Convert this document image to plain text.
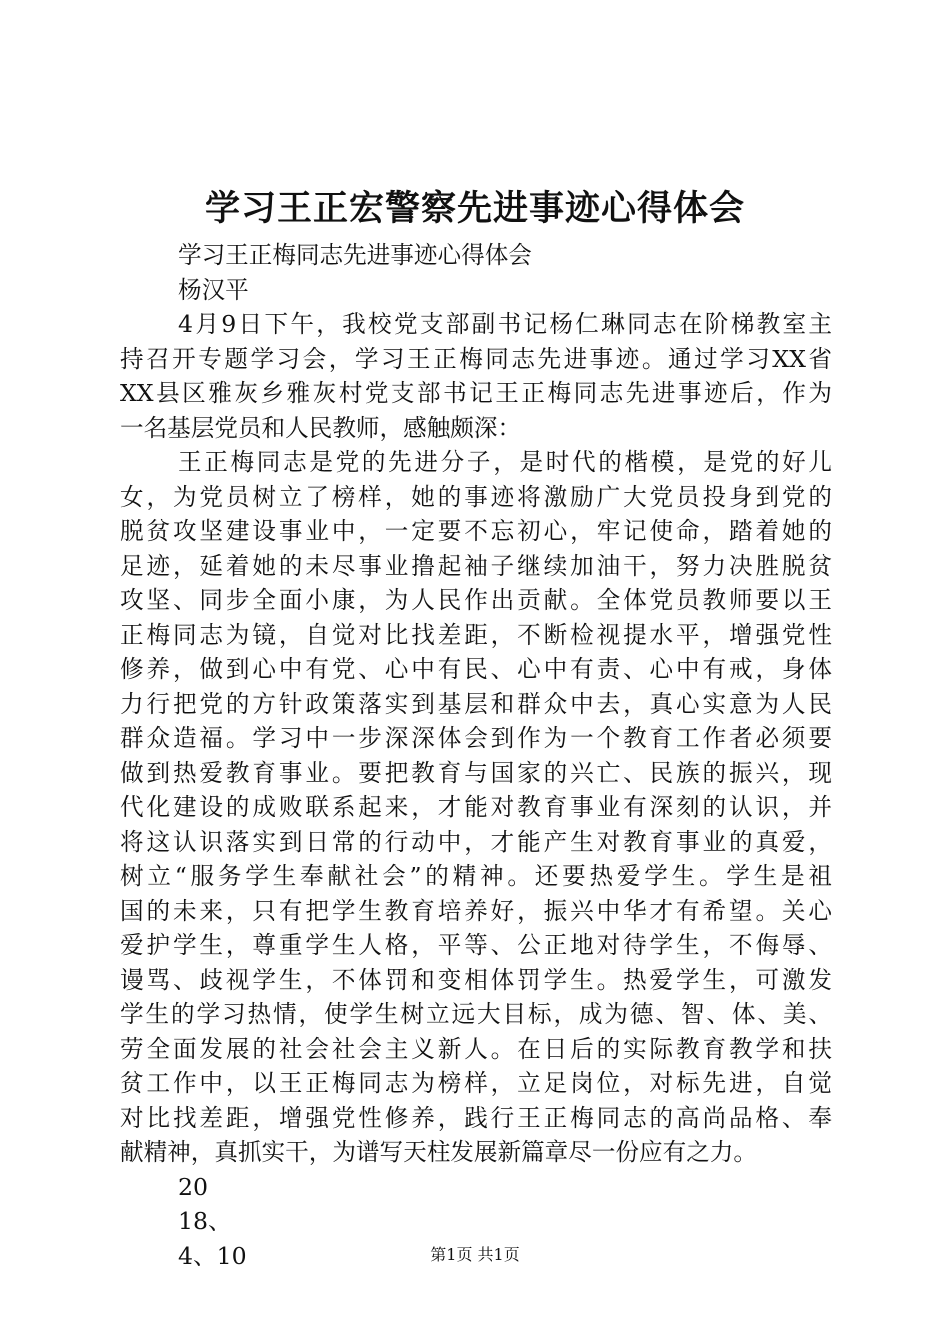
学习王正宏警察先进事迹心得体会
学习王正梅同志先进事迹心得体会
杨汉平
4月9日下午，我校党支部副书记杨仁琳同志在阶梯教室主
持召开专题学习会，学习王正梅同志先进事迹。通过学习XX省
XX县区雅灰乡雅灰村党支部书记王正梅同志先进事迹后，作为
一名基层党员和人民教师，感触颇深：
王正梅同志是党的先进分子，是时代的楷模，是党的好儿
女，为党员树立了榜样，她的事迹将激励广大党员投身到党的
脱贫攻坚建设事业中，一定要不忘初心，牢记使命，踏着她的
足迹，延着她的未尽事业撸起袖子继续加油干，努力决胜脱贫
攻坚、同步全面小康，为人民作出贡献。全体党员教师要以王
正梅同志为镜，自觉对比找差距，不断检视提水平，增强党性
修养，做到心中有党、心中有民、心中有责、心中有戒，身体
力行把党的方针政策落实到基层和群众中去，真心实意为人民
群众造福。学习中一步深深体会到作为一个教育工作者必须要
做到热爱教育事业。要把教育与国家的兴亡、民族的振兴，现
代化建设的成败联系起来，才能对教育事业有深刻的认识，并
将这认识落实到日常的行动中，才能产生对教育事业的真爱，
树立“服务学生奉献社会”的精神。还要热爱学生。学生是祖
国的未来，只有把学生教育培养好，振兴中华才有希望。关心
爱护学生，尊重学生人格，平等、公正地对待学生，不侮辱、
谩骂、歧视学生，不体罚和变相体罚学生。热爱学生，可激发
学生的学习热情，使学生树立远大目标，成为德、智、体、美、
劳全面发展的社会社会主义新人。在日后的实际教育教学和扶
贫工作中，以王正梅同志为榜样，立足岗位，对标先进，自觉
对比找差距，增强党性修养，践行王正梅同志的高尚品格、奉
献精神，真抓实干，为谱写天柱发展新篇章尽一份应有之力。
20
18、
4、10	第1页 共1页
